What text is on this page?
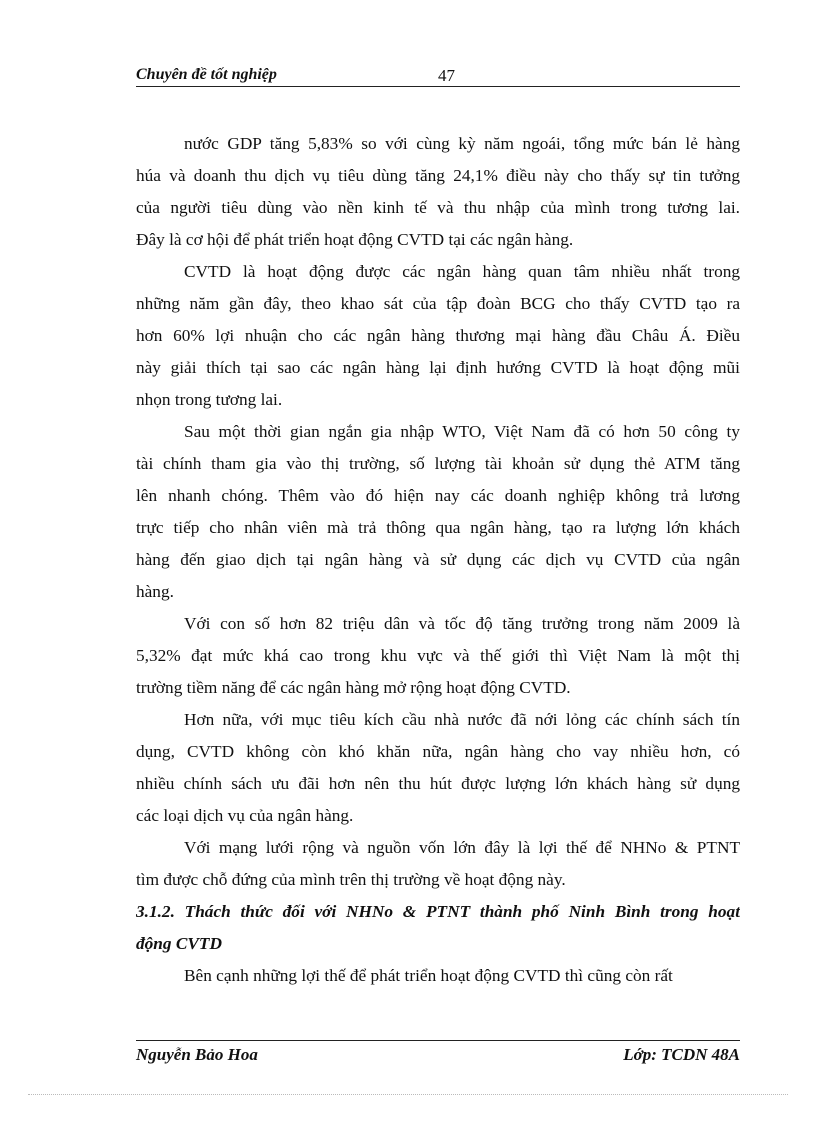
Chuyên đề tốt nghiệp	47
nước GDP tăng 5,83% so với cùng kỳ năm ngoái, tổng mức bán lẻ hàng
húa và doanh thu dịch vụ tiêu dùng tăng 24,1% điều này cho thấy sự tin tưởng
của người tiêu dùng vào nền kinh tế và thu nhập của mình trong tương lai.
Đây là cơ hội để phát triển hoạt động CVTD tại các ngân hàng.
CVTD là hoạt động được các ngân hàng quan tâm nhiều nhất trong
những năm gần đây, theo khao sát của tập đoàn BCG cho thấy CVTD tạo ra
hơn 60% lợi nhuận cho các ngân hàng thương mại hàng đầu Châu Á. Điều
này giải thích tại sao các ngân hàng lại định hướng CVTD là hoạt động mũi
nhọn trong tương lai.
Sau một thời gian ngắn gia nhập WTO, Việt Nam đã có hơn 50 công ty
tài chính tham gia vào thị trường, số lượng tài khoản sử dụng thẻ ATM tăng
lên nhanh chóng. Thêm vào đó hiện nay các doanh nghiệp không trả lương
trực tiếp cho nhân viên mà trả thông qua ngân hàng, tạo ra lượng lớn khách
hàng đến giao dịch tại ngân hàng và sử dụng các dịch vụ CVTD của ngân
hàng.
Với con số hơn 82 triệu dân và tốc độ tăng trưởng trong năm 2009 là
5,32% đạt mức khá cao trong khu vực và thế giới thì Việt Nam là một thị
trường tiềm năng để các ngân hàng mở rộng hoạt động CVTD.
Hơn nữa, với mục tiêu kích cầu nhà nước đã nới lỏng các chính sách tín
dụng, CVTD không còn khó khăn nữa, ngân hàng cho vay nhiều hơn, có
nhiều chính sách ưu đãi hơn nên thu hút được lượng lớn khách hàng sử dụng
các loại dịch vụ của ngân hàng.
Với mạng lưới rộng và nguồn vốn lớn đây là lợi thế để NHNo & PTNT
tìm được chỗ đứng của mình trên thị trường về hoạt động này.
3.1.2. Thách thức đối với NHNo & PTNT thành phố Ninh Bình trong hoạt
động CVTD
Bên cạnh những lợi thế để phát triển hoạt động CVTD thì cũng còn rất
Nguyễn Bảo Hoa	Lớp: TCDN 48A
